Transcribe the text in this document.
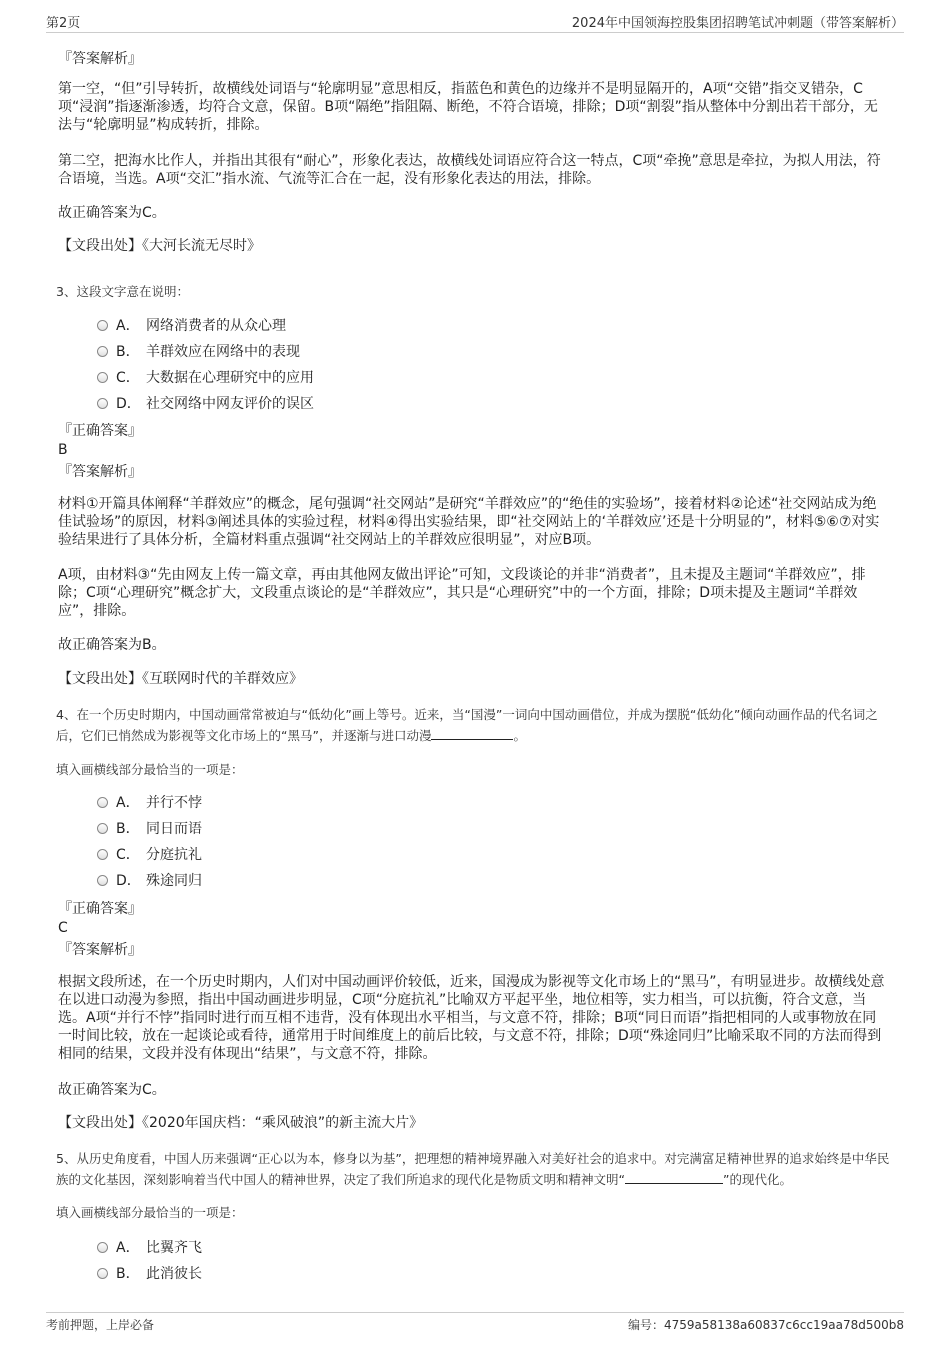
第2页	2024年中国领海控股集团招聘笔试冲刺题（带答案解析）
『答案解析』
第一空，“但”引导转折，故横线处词语与“轮廓明显”意思相反，指蓝色和黄色的边缘并不是明显隔开的，A项“交错”指交叉错杂，C项“浸润”指逐渐渗透，均符合文意，保留。B项“隔绝”指阻隔、断绝，不符合语境，排除；D项“割裂”指从整体中分割出若干部分，无法与“轮廓明显”构成转折，排除。
第二空，把海水比作人，并指出其很有“耐心”，形象化表达，故横线处词语应符合这一特点，C项“牵挽”意思是牵拉，为拟人用法，符合语境，当选。A项“交汇”指水流、气流等汇合在一起，没有形象化表达的用法，排除。
故正确答案为C。
【文段出处】《大河长流无尽时》
3、这段文字意在说明：
A． 网络消费者的从众心理
B． 羊群效应在网络中的表现
C． 大数据在心理研究中的应用
D． 社交网络中网友评价的误区
『正确答案』
B
『答案解析』
材料①开篇具体阐释“羊群效应”的概念，尾句强调“社交网站”是研究“羊群效应”的“绝佳的实验场”，接着材料②论述“社交网站成为绝佳试验场”的原因，材料③阐述具体的实验过程，材料④得出实验结果，即“社交网站上的‘羊群效应’还是十分明显的”，材料⑤⑥⑦对实验结果进行了具体分析，全篇材料重点强调“社交网站上的羊群效应很明显”，对应B项。
A项，由材料③“先由网友上传一篇文章，再由其他网友做出评论”可知，文段谈论的并非“消费者”，且未提及主题词“羊群效应”，排除；C项“心理研究”概念扩大，文段重点谈论的是“羊群效应”，其只是“心理研究”中的一个方面，排除；D项未提及主题词“羊群效应”，排除。
故正确答案为B。
【文段出处】《互联网时代的羊群效应》
4、在一个历史时期内，中国动画常常被迫与“低幼化”画上等号。近来，当“国漫”一词向中国动画借位，并成为摆脱“低幼化”倾向动画作品的代名词之后，它们已悄然成为影视等文化市场上的“黑马”，并逐渐与进口动漫	。
填入画横线部分最恰当的一项是：
A． 并行不悖
B． 同日而语
C． 分庭抗礼
D． 殊途同归
『正确答案』
C
『答案解析』
根据文段所述，在一个历史时期内，人们对中国动画评价较低，近来，国漫成为影视等文化市场上的“黑马”，有明显进步。故横线处意在以进口动漫为参照，指出中国动画进步明显，C项“分庭抗礼”比喻双方平起平坐，地位相等，实力相当，可以抗衡，符合文意，当选。A项“并行不悖”指同时进行而互相不违背，没有体现出水平相当，与文意不符，排除；B项“同日而语”指把相同的人或事物放在同一时间比较，放在一起谈论或看待，通常用于时间维度上的前后比较，与文意不符，排除；D项“殊途同归”比喻采取不同的方法而得到相同的结果，文段并没有体现出“结果”，与文意不符，排除。
故正确答案为C。
【文段出处】《2020年国庆档：“乘风破浪”的新主流大片》
5、从历史角度看，中国人历来强调“正心以为本，修身以为基”，把理想的精神境界融入对美好社会的追求中。对完满富足精神世界的追求始终是中华民族的文化基因，深刻影响着当代中国人的精神世界，决定了我们所追求的现代化是物质文明和精神文明“	”的现代化。
填入画横线部分最恰当的一项是：
A． 比翼齐飞
B． 此消彼长
考前押题，上岸必备	编号：4759a58138a60837c6cc19aa78d500b8
